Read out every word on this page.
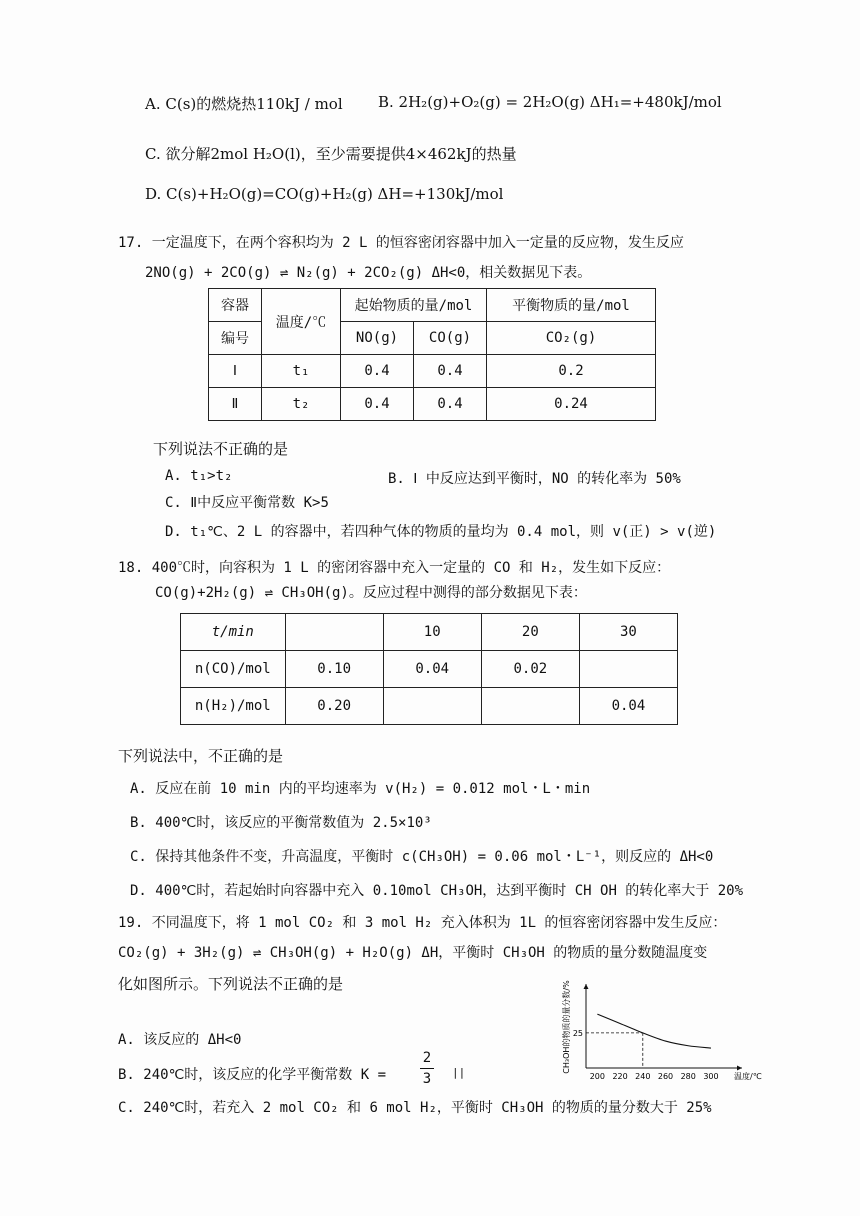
A. C(s)的燃烧热110kJ / mol B. 2H₂(g)+O₂(g) = 2H₂O(g) ΔH₁=+480kJ/mol
C. 欲分解2mol H₂O(l)，至少需要提供4×462kJ的热量
D. C(s)+H₂O(g)=CO(g)+H₂(g) ΔH=+130kJ/mol
17. 一定温度下，在两个容积均为 2 L 的恒容密闭容器中加入一定量的反应物，发生反应
2NO(g) + 2CO(g) ⇌ N₂(g) + 2CO₂(g) ΔH<0，相关数据见下表。
容器	温度/℃	起始物质的量/mol		平衡物质的量/mol
编号		NO(g)	CO(g)	CO₂(g)
Ⅰ	t₁	0.4	0.4	0.2
Ⅱ	t₂	0.4	0.4	0.24
下列说法不正确的是
A. t₁>t₂	B. Ⅰ 中反应达到平衡时，NO 的转化率为 50%
C. Ⅱ中反应平衡常数 K>5
D. t₁℃、2 L 的容器中，若四种气体的物质的量均为 0.4 mol，则 v(正) > v(逆)
18. 400℃时，向容积为 1 L 的密闭容器中充入一定量的 CO 和 H₂，发生如下反应：
CO(g)+2H₂(g) ⇌ CH₃OH(g)。反应过程中测得的部分数据见下表：
t/min		10	20	30
n(CO)/mol	0.10	0.04	0.02	
n(H₂)/mol	0.20			0.04
下列说法中，不正确的是
A. 反应在前 10 min 内的平均速率为 v(H₂) = 0.012 mol・L・min
B. 400℃时，该反应的平衡常数值为 2.5×10³
C. 保持其他条件不变，升高温度，平衡时 c(CH₃OH) = 0.06 mol・L⁻¹，则反应的 ΔH<0
D. 400℃时，若起始时向容器中充入 0.10mol CH₃OH，达到平衡时 CH OH 的转化率大于 20%
19. 不同温度下，将 1 mol CO₂ 和 3 mol H₂ 充入体积为 1L 的恒容密闭容器中发生反应：
CO₂(g) + 3H₂(g) ⇌ CH₃OH(g) + H₂O(g) ΔH，平衡时 CH₃OH 的物质的量分数随温度变
化如图所示。下列说法不正确的是
A. 该反应的 ΔH<0
B. 240℃时，该反应的化学平衡常数 K =
2
3	||
C. 240℃时，若充入 2 mol CO₂ 和 6 mol H₂，平衡时 CH₃OH 的物质的量分数大于 25%
200 220 240 260 280 300
25
温度/℃
CH₃OH的物质的量分数/%
